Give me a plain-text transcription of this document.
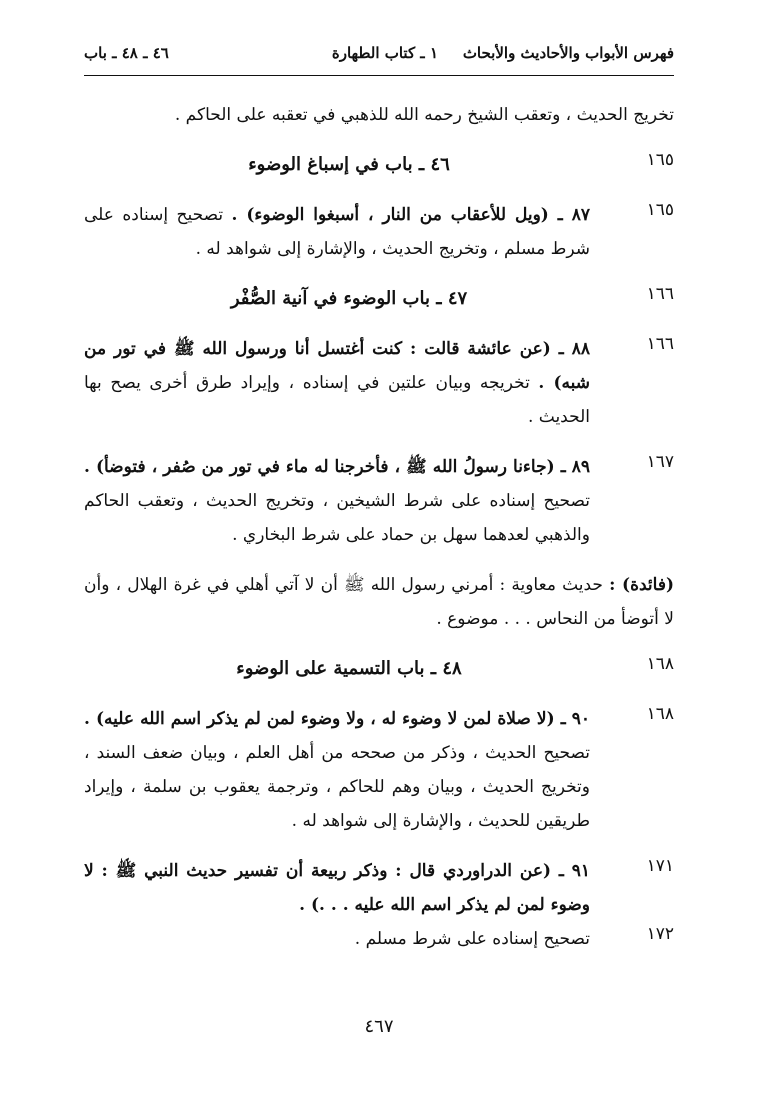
فهرس الأبواب والأحاديث والأبحاث
١ ـ كتاب الطهارة
٤٦ ـ ٤٨ ـ باب
تخريج الحديث ، وتعقب الشيخ رحمه الله للذهبي في تعقبه على الحاكم .
١٦٥
٤٦ ـ باب في إسباغ الوضوء
١٦٥
٨٧ ـ (ويل للأعقاب من النار ، أسبغوا الوضوء) . تصحيح إسناده على شرط مسلم ، وتخريج الحديث ، والإشارة إلى شواهد له .
١٦٦
٤٧ ـ باب الوضوء في آنية الصُّفْر
١٦٦
٨٨ ـ (عن عائشة قالت : كنت أغتسل أنا ورسول الله ﷺ في تور من شبه) . تخريجه وبيان علتين في إسناده ، وإيراد طرق أخرى يصح بها الحديث .
١٦٧
٨٩ ـ (جاءنا رسولُ الله ﷺ ، فأخرجنا له ماء في تور من صُفر ، فتوضأ) . تصحيح إسناده على شرط الشيخين ، وتخريج الحديث ، وتعقب الحاكم والذهبي لعدهما سهل بن حماد على شرط البخاري .
(فائدة) : حديث معاوية : أمرني رسول الله ﷺ أن لا آتي أهلي في غرة الهلال ، وأن لا أتوضأ من النحاس . . . موضوع .
١٦٨
٤٨ ـ باب التسمية على الوضوء
١٦٨
٩٠ ـ (لا صلاة لمن لا وضوء له ، ولا وضوء لمن لم يذكر اسم الله عليه) . تصحيح الحديث ، وذكر من صححه من أهل العلم ، وبيان ضعف السند ، وتخريج الحديث ، وبيان وهم للحاكم ، وترجمة يعقوب بن سلمة ، وإيراد طريقين للحديث ، والإشارة إلى شواهد له .
١٧١
٩١ ـ (عن الدراوردي قال : وذكر ربيعة أن تفسير حديث النبي ﷺ : لا وضوء لمن لم يذكر اسم الله عليه . . .) .
١٧٢
تصحيح إسناده على شرط مسلم .
٤٦٧
